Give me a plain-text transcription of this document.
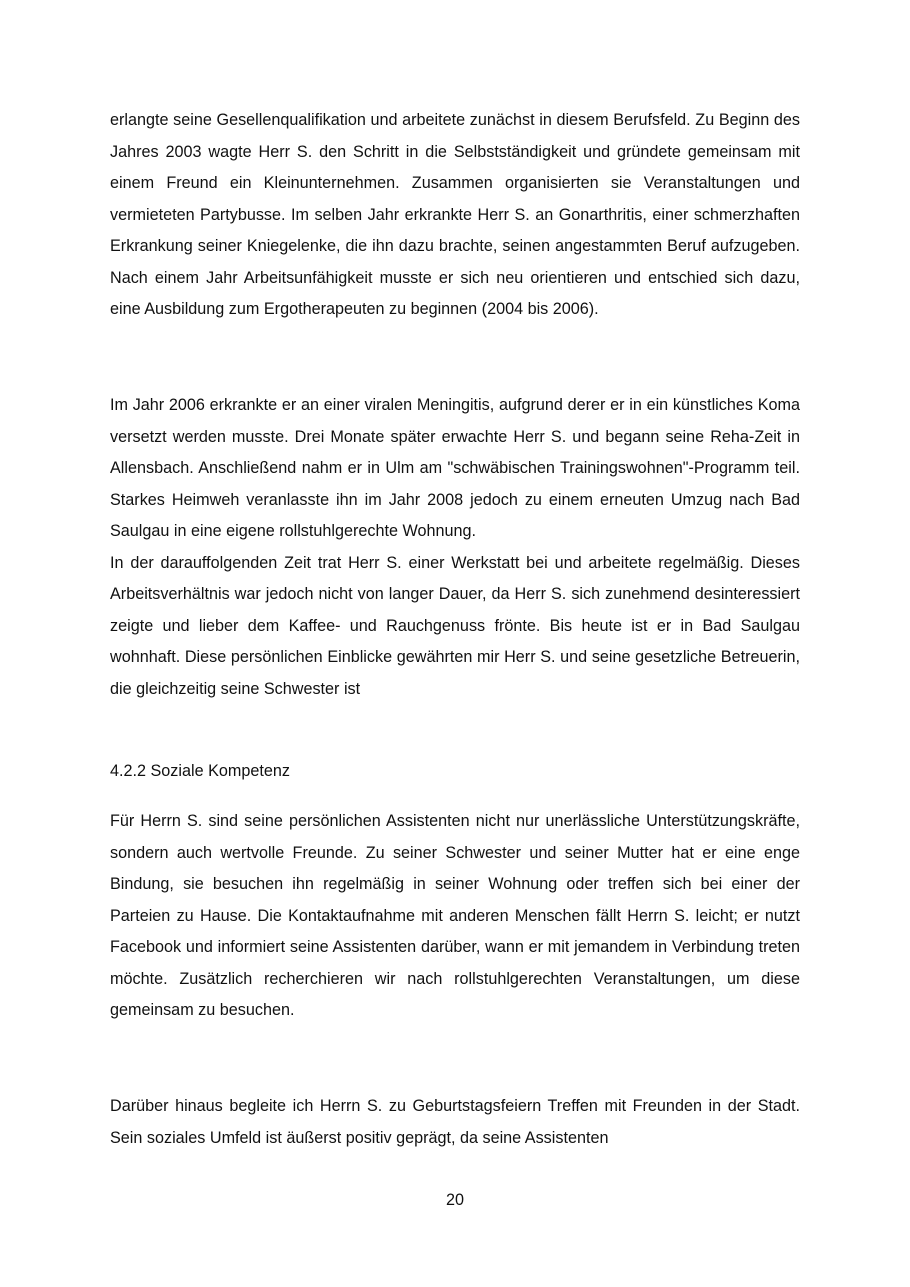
erlangte seine Gesellenqualifikation und arbeitete zunächst in diesem Berufsfeld. Zu Beginn des Jahres 2003 wagte Herr S. den Schritt in die Selbstständigkeit und gründete gemeinsam mit einem Freund ein Kleinunternehmen. Zusammen organisierten sie Veranstaltungen und vermieteten Partybusse. Im selben Jahr erkrankte Herr S. an Gonarthritis, einer schmerzhaften Erkrankung seiner Kniegelenke, die ihn dazu brachte, seinen angestammten Beruf aufzugeben. Nach einem Jahr Arbeitsunfähigkeit musste er sich neu orientieren und entschied sich dazu, eine Ausbildung zum Ergotherapeuten zu beginnen (2004 bis 2006).

Im Jahr 2006 erkrankte er an einer viralen Meningitis, aufgrund derer er in ein künstliches Koma versetzt werden musste. Drei Monate später erwachte Herr S. und begann seine Reha-Zeit in Allensbach. Anschließend nahm er in Ulm am "schwäbischen Trainingswohnen"-Programm teil. Starkes Heimweh veranlasste ihn im Jahr 2008 jedoch zu einem erneuten Umzug nach Bad Saulgau in eine eigene rollstuhlgerechte Wohnung.

In der darauffolgenden Zeit trat Herr S. einer Werkstatt bei und arbeitete regelmäßig. Dieses Arbeitsverhältnis war jedoch nicht von langer Dauer, da Herr S. sich zunehmend desinteressiert zeigte und lieber dem Kaffee- und Rauchgenuss frönte. Bis heute ist er in Bad Saulgau wohnhaft. Diese persönlichen Einblicke gewährten mir Herr S. und seine gesetzliche Betreuerin, die gleichzeitig seine Schwester ist

4.2.2 Soziale Kompetenz

Für Herrn S. sind seine persönlichen Assistenten nicht nur unerlässliche Unterstützungskräfte, sondern auch wertvolle Freunde. Zu seiner Schwester und seiner Mutter hat er eine enge Bindung, sie besuchen ihn regelmäßig in seiner Wohnung oder treffen sich bei einer der Parteien zu Hause. Die Kontaktaufnahme mit anderen Menschen fällt Herrn S. leicht; er nutzt Facebook und informiert seine Assistenten darüber, wann er mit jemandem in Verbindung treten möchte. Zusätzlich recherchieren wir nach rollstuhlgerechten Veranstaltungen, um diese gemeinsam zu besuchen.

Darüber hinaus begleite ich Herrn S. zu Geburtstagsfeiern Treffen mit Freunden in der Stadt. Sein soziales Umfeld ist äußerst positiv geprägt, da seine Assistenten

20
